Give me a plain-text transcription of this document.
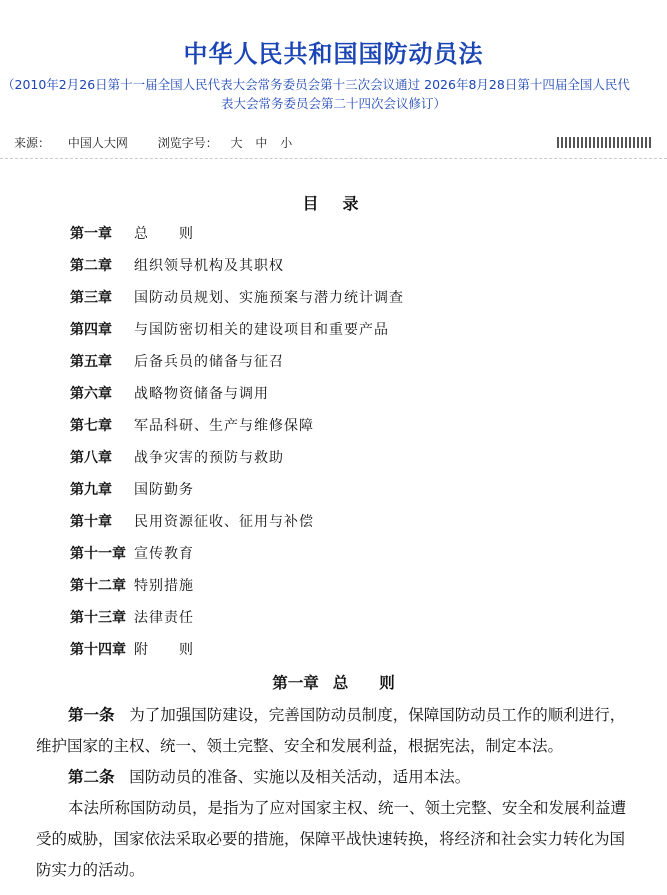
中华人民共和国国防动员法
（2010年2月26日第十一届全国人民代表大会常务委员会第十三次会议通过 2026年8月28日第十四届全国人民代
表大会常务委员会第二十四次会议修订）
来源： 中国人大网 浏览字号： 大 中 小
目 录
第一章 总　　则
第二章 组织领导机构及其职权
第三章 国防动员规划、实施预案与潜力统计调查
第四章 与国防密切相关的建设项目和重要产品
第五章 后备兵员的储备与征召
第六章 战略物资储备与调用
第七章 军品科研、生产与维修保障
第八章 战争灾害的预防与救助
第九章 国防勤务
第十章 民用资源征收、征用与补偿
第十一章 宣传教育
第十二章 特别措施
第十三章 法律责任
第十四章 附　　则
第一章 总　　则

第一条 为了加强国防建设，完善国防动员制度，保障国防动员工作的顺利进行，
维护国家的主权、统一、领土完整、安全和发展利益，根据宪法，制定本法。

第二条 国防动员的准备、实施以及相关活动，适用本法。

本法所称国防动员，是指为了应对国家主权、统一、领土完整、安全和发展利益遭
受的威胁，国家依法采取必要的措施，保障平战快速转换，将经济和社会实力转化为国
防实力的活动。
